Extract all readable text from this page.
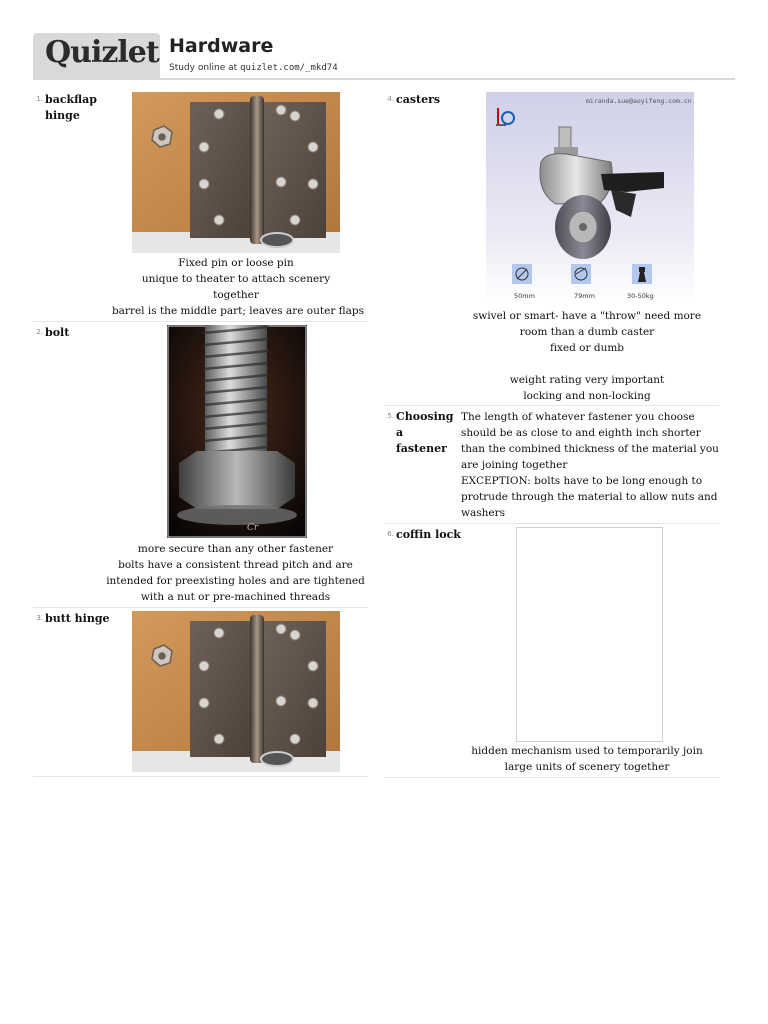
Quizlet Hardware
Study online at quizlet.com/_mkd74
1. backflap hinge

Fixed pin or loose pin

unique to theater to attach scenery together

barrel is the middle part; leaves are outer flaps

2. bolt
Cr

more secure than any other fastener

bolts have a consistent thread pitch and are intended for preexisting holes and are tightened with a nut or pre-machined threads

3. butt hinge
4. casters	miranda.sue@aoyifeng.com.cn
50mm	79mm	30-50kg

swivel or smart- have a "throw" need more room than a dumb caster

fixed or dumb

weight rating very important

locking and non-locking

5. Choosing a fastener

The length of whatever fastener you choose should be as close to and eighth inch shorter than the combined thickness of the material you are joining together

EXCEPTION: bolts have to be long enough to protrude through the material to allow nuts and washers

6. coffin lock

hidden mechanism used to temporarily join large units of scenery together
